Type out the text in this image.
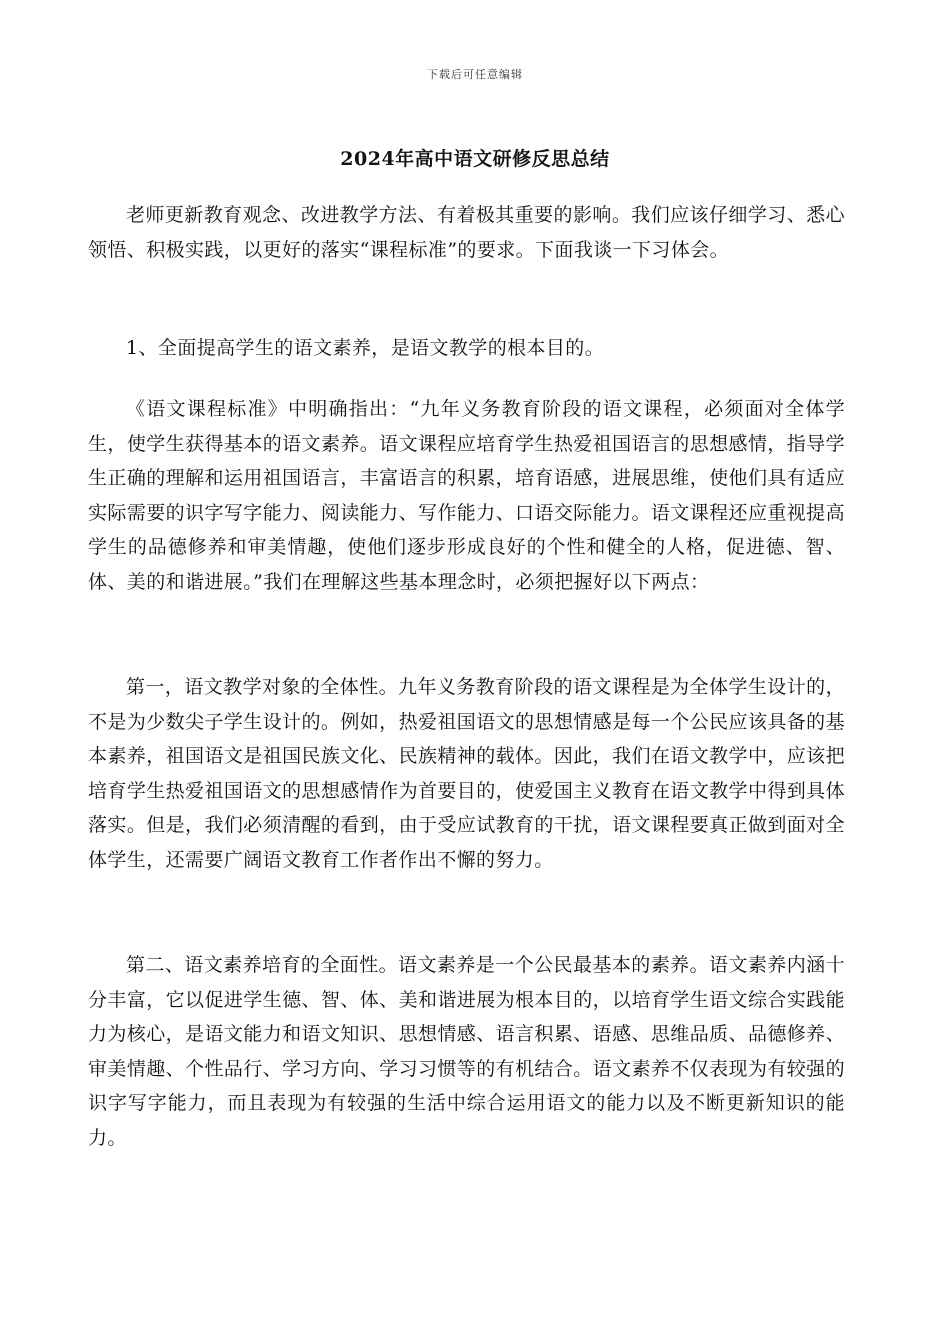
下载后可任意编辑
2024年高中语文研修反思总结

老师更新教育观念、改进教学方法、有着极其重要的影响。我们应该仔细学习、悉心领悟、积极实践，以更好的落实“课程标准”的要求。下面我谈一下习体会。

1、全面提高学生的语文素养，是语文教学的根本目的。

《语文课程标准》中明确指出：“九年义务教育阶段的语文课程，必须面对全体学生，使学生获得基本的语文素养。语文课程应培育学生热爱祖国语言的思想感情，指导学生正确的理解和运用祖国语言，丰富语言的积累，培育语感，进展思维，使他们具有适应实际需要的识字写字能力、阅读能力、写作能力、口语交际能力。语文课程还应重视提高学生的品德修养和审美情趣，使他们逐步形成良好的个性和健全的人格，促进德、智、体、美的和谐进展。”我们在理解这些基本理念时，必须把握好以下两点：

第一，语文教学对象的全体性。九年义务教育阶段的语文课程是为全体学生设计的，不是为少数尖子学生设计的。例如，热爱祖国语文的思想情感是每一个公民应该具备的基本素养，祖国语文是祖国民族文化、民族精神的载体。因此，我们在语文教学中，应该把培育学生热爱祖国语文的思想感情作为首要目的，使爱国主义教育在语文教学中得到具体落实。但是，我们必须清醒的看到，由于受应试教育的干扰，语文课程要真正做到面对全体学生，还需要广阔语文教育工作者作出不懈的努力。

第二、语文素养培育的全面性。语文素养是一个公民最基本的素养。语文素养内涵十分丰富，它以促进学生德、智、体、美和谐进展为根本目的，以培育学生语文综合实践能力为核心，是语文能力和语文知识、思想情感、语言积累、语感、思维品质、品德修养、审美情趣、个性品行、学习方向、学习习惯等的有机结合。语文素养不仅表现为有较强的识字写字能力，而且表现为有较强的生活中综合运用语文的能力以及不断更新知识的能力。
